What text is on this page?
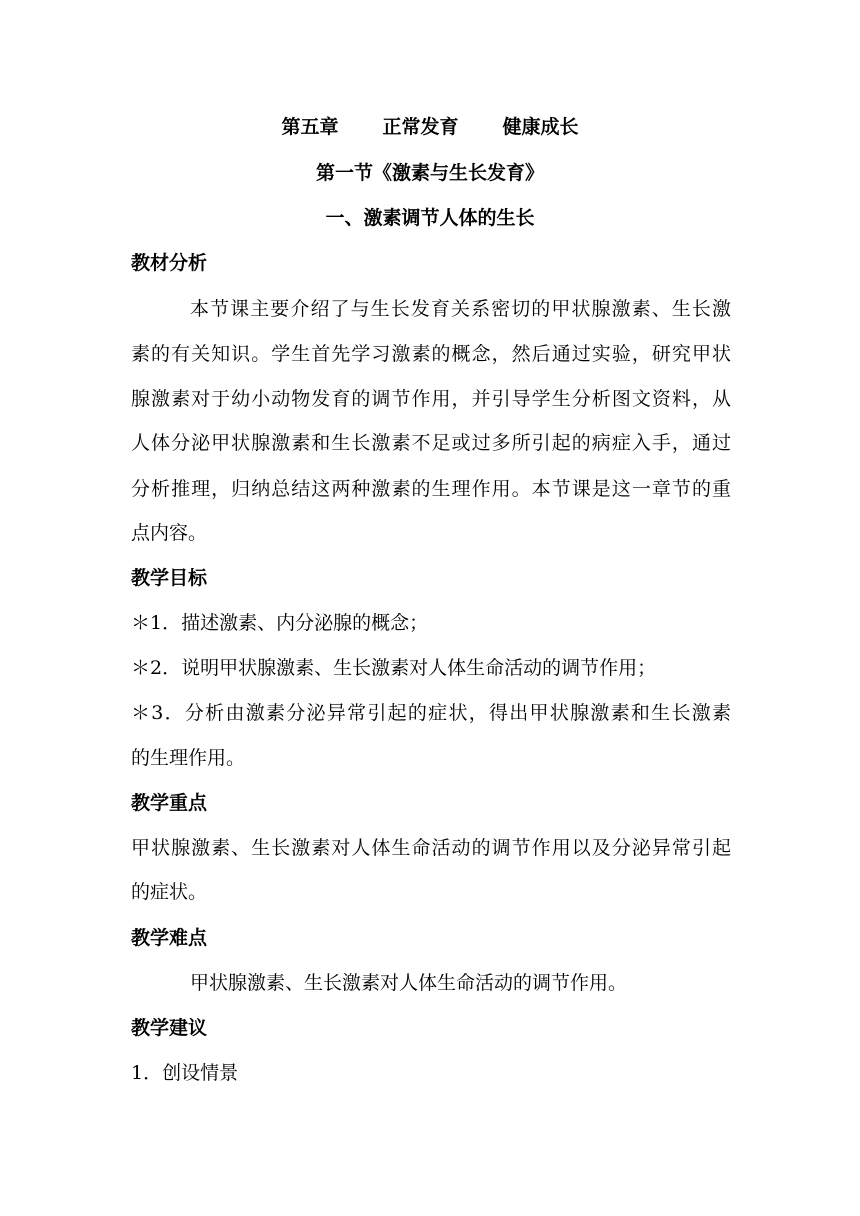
第五章 正常发育 健康成长
第一节《激素与生长发育》
一、激素调节人体的生长
教材分析
本节课主要介绍了与生长发育关系密切的甲状腺激素、生长激
素的有关知识。学生首先学习激素的概念，然后通过实验，研究甲状
腺激素对于幼小动物发育的调节作用，并引导学生分析图文资料，从
人体分泌甲状腺激素和生长激素不足或过多所引起的病症入手，通过
分析推理，归纳总结这两种激素的生理作用。本节课是这一章节的重
点内容。
教学目标
＊1．描述激素、内分泌腺的概念；
＊2．说明甲状腺激素、生长激素对人体生命活动的调节作用；
＊3．分析由激素分泌异常引起的症状，得出甲状腺激素和生长激素
的生理作用。
教学重点
甲状腺激素、生长激素对人体生命活动的调节作用以及分泌异常引起
的症状。
教学难点
甲状腺激素、生长激素对人体生命活动的调节作用。
教学建议
1．创设情景
